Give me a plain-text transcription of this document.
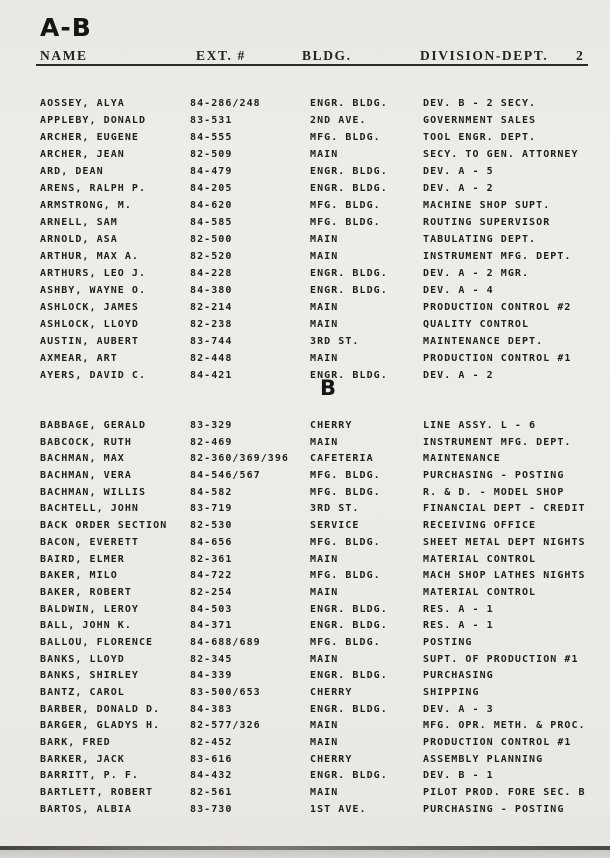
A-B
NAME	EXT. #	BLDG.	DIVISION-DEPT. 2
AOSSEY, ALYA	84-286/248	ENGR. BLDG.	DEV. B - 2 SECY.
APPLEBY, DONALD	83-531	2ND AVE.	GOVERNMENT SALES
ARCHER, EUGENE	84-555	MFG. BLDG.	TOOL ENGR. DEPT.
ARCHER, JEAN	82-509	MAIN	SECY. TO GEN. ATTORNEY
ARD, DEAN	84-479	ENGR. BLDG.	DEV. A - 5
ARENS, RALPH P.	84-205	ENGR. BLDG.	DEV. A - 2
ARMSTRONG, M.	84-620	MFG. BLDG.	MACHINE SHOP SUPT.
ARNELL, SAM	84-585	MFG. BLDG.	ROUTING SUPERVISOR
ARNOLD, ASA	82-500	MAIN	TABULATING DEPT.
ARTHUR, MAX A.	82-520	MAIN	INSTRUMENT MFG. DEPT.
ARTHURS, LEO J.	84-228	ENGR. BLDG.	DEV. A - 2 MGR.
ASHBY, WAYNE O.	84-380	ENGR. BLDG.	DEV. A - 4
ASHLOCK, JAMES	82-214	MAIN	PRODUCTION CONTROL #2
ASHLOCK, LLOYD	82-238	MAIN	QUALITY CONTROL
AUSTIN, AUBERT	83-744	3RD ST.	MAINTENANCE DEPT.
AXMEAR, ART	82-448	MAIN	PRODUCTION CONTROL #1
AYERS, DAVID C.	84-421	ENGR. BLDG.	DEV. A - 2
B
BABBAGE, GERALD	83-329	CHERRY	LINE ASSY. L - 6
BABCOCK, RUTH	82-469	MAIN	INSTRUMENT MFG. DEPT.
BACHMAN, MAX	82-360/369/396 CAFETERIA	MAINTENANCE
BACHMAN, VERA	84-546/567	MFG. BLDG.	PURCHASING - POSTING
BACHMAN, WILLIS	84-582	MFG. BLDG.	R. & D. - MODEL SHOP
BACHTELL, JOHN	83-719	3RD ST.	FINANCIAL DEPT - CREDIT
BACK ORDER SECTION 82-530	SERVICE	RECEIVING OFFICE
BACON, EVERETT	84-656	MFG. BLDG.	SHEET METAL DEPT NIGHTS
BAIRD, ELMER	82-361	MAIN	MATERIAL CONTROL
BAKER, MILO	84-722	MFG. BLDG.	MACH SHOP LATHES NIGHTS
BAKER, ROBERT	82-254	MAIN	MATERIAL CONTROL
BALDWIN, LEROY	84-503	ENGR. BLDG.	RES. A - 1
BALL, JOHN K.	84-371	ENGR. BLDG.	RES. A - 1
BALLOU, FLORENCE	84-688/689	MFG. BLDG.	POSTING
BANKS, LLOYD	82-345	MAIN	SUPT. OF PRODUCTION #1
BANKS, SHIRLEY	84-339	ENGR. BLDG.	PURCHASING
BANTZ, CAROL	83-500/653	CHERRY	SHIPPING
BARBER, DONALD D.	84-383	ENGR. BLDG.	DEV. A - 3
BARGER, GLADYS H.	82-577/326	MAIN	MFG. OPR. METH. & PROC.
BARK, FRED	82-452	MAIN	PRODUCTION CONTROL #1
BARKER, JACK	83-616	CHERRY	ASSEMBLY PLANNING
BARRITT, P. F.	84-432	ENGR. BLDG.	DEV. B - 1
BARTLETT, ROBERT	82-561	MAIN	PILOT PROD. FORE SEC. B
BARTOS, ALBIA	83-730	1ST AVE.	PURCHASING - POSTING
